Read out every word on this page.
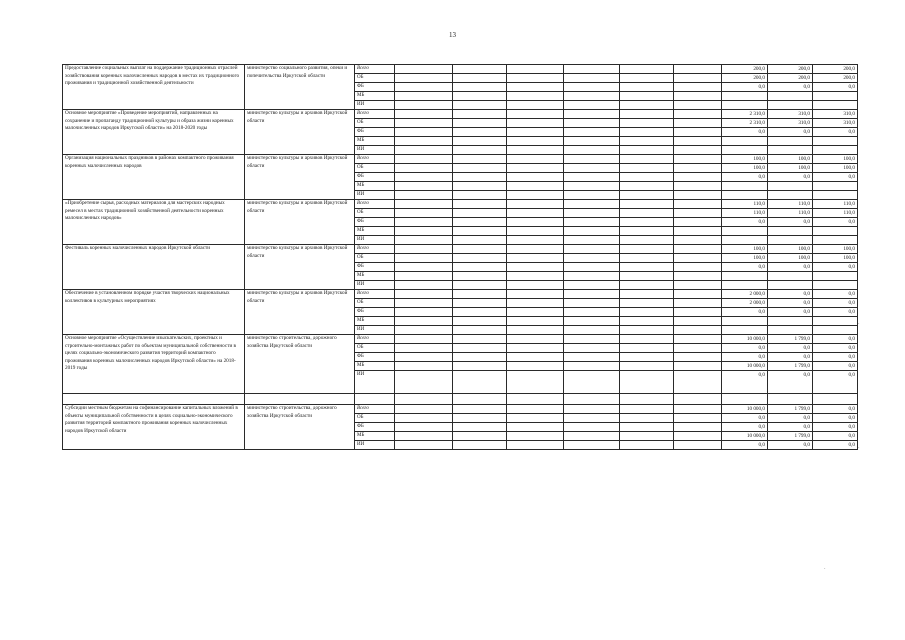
13
Предоставление социальных выплат на поддержание традиционных отраслей хозяйствования коренных малочисленных народов в местах их традиционного проживания и традиционной хозяйственной деятельности	министерство социального развития, опеки и попечительства Иркутской области	Всего							200,0	200,0	200,0
		ОБ							200,0	200,0	200,0
		ФБ							0,0	0,0	0,0
		МБ									
		ИИ									
Основное мероприятие «Проведение мероприятий, направленных на сохранение и пропаганду традиционной культуры и образа жизни коренных малочисленных народов Иркутской области» на 2018-2020 годы	министерство культуры и архивов Иркутской области	Всего							2 310,0	310,0	310,0
		ОБ							2 310,0	310,0	310,0
		ФБ							0,0	0,0	0,0
		МБ									
		ИИ									
Организация национальных праздников в районах компактного проживания коренных малочисленных народов	министерство культуры и архивов Иркутской области	Всего							100,0	100,0	100,0
		ОБ							100,0	100,0	100,0
		ФБ							0,0	0,0	0,0
		МБ									
		ИИ									
«Приобретение сырья, расходных материалов для мастерских народных ремесел в местах традиционной хозяйственной деятельности коренных малочисленных народов»	министерство культуры и архивов Иркутской области	Всего							110,0	110,0	110,0
		ОБ							110,0	110,0	110,0
		ФБ							0,0	0,0	0,0
		МБ									
		ИИ									
Фестиваль коренных малочисленных народов Иркутской области	министерство культуры и архивов Иркутской области	Всего							100,0	100,0	100,0
		ОБ							100,0	100,0	100,0
		ФБ							0,0	0,0	0,0
		МБ									
		ИИ									
Обеспечение в установленном порядке участия творческих национальных коллективов в культурных мероприятиях	министерство культуры и архивов Иркутской области	Всего							2 000,0	0,0	0,0
		ОБ							2 000,0	0,0	0,0
		ФБ							0,0	0,0	0,0
		МБ									
		ИИ									
Основное мероприятие «Осуществление изыскательских, проектных и строительно-монтажных работ по объектам муниципальной собственности в целях социально-экономического развития территорий компактного проживания коренных малочисленных народов Иркутской области» на 2018-2019 годы	министерство строительства, дорожного хозяйства Иркутской области	Всего							10 000,0	1 799,0	0,0
		ОБ							0,0	0,0	0,0
		ФБ							0,0	0,0	0,0
		МБ							10 000,0	1 799,0	0,0
		ИИ							0,0	0,0	0,0

Субсидии местным бюджетам на софинансирование капитальных вложений в объекты муниципальной собственности в целях социально-экономического развития территорий компактного проживания коренных малочисленных народов Иркутской области	министерство строительства, дорожного хозяйства Иркутской области	Всего							10 000,0	1 799,0	0,0
		ОБ							0,0	0,0	0,0
		ФБ							0,0	0,0	0,0
		МБ							10 000,0	1 799,0	0,0
		ИИ							0,0	0,0	0,0
·
·
·
